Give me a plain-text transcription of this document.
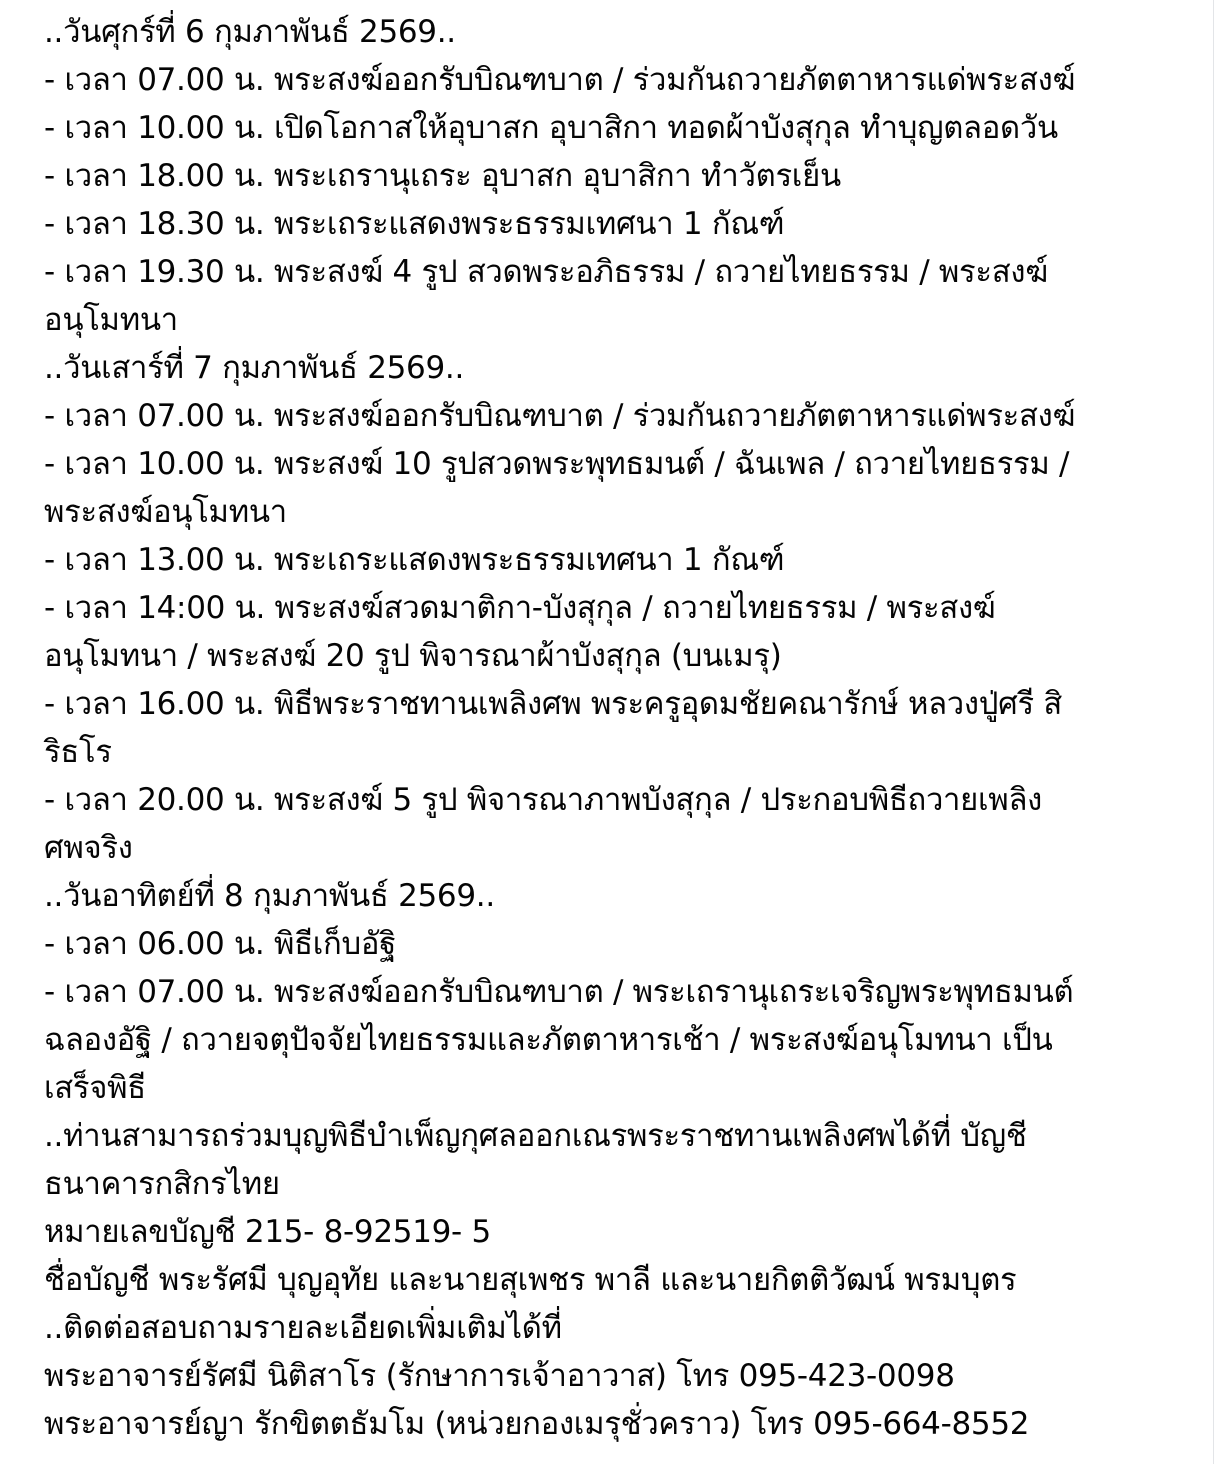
..วันศุกร์ที่ 6 กุมภาพันธ์ 2569..
- เวลา 07.00 น. พระสงฆ์ออกรับบิณฑบาต / ร่วมกันถวายภัตตาหารแด่พระสงฆ์
- เวลา 10.00 น. เปิดโอกาสให้อุบาสก อุบาสิกา ทอดผ้าบังสุกุล ทำบุญตลอดวัน
- เวลา 18.00 น. พระเถรานุเถระ อุบาสก อุบาสิกา ทำวัตรเย็น
- เวลา 18.30 น. พระเถระแสดงพระธรรมเทศนา 1 กัณฑ์
- เวลา 19.30 น. พระสงฆ์ 4 รูป สวดพระอภิธรรม / ถวายไทยธรรม / พระสงฆ์
อนุโมทนา
..วันเสาร์ที่ 7 กุมภาพันธ์ 2569..
- เวลา 07.00 น. พระสงฆ์ออกรับบิณฑบาต / ร่วมกันถวายภัตตาหารแด่พระสงฆ์
- เวลา 10.00 น. พระสงฆ์ 10 รูปสวดพระพุทธมนต์ / ฉันเพล / ถวายไทยธรรม /
พระสงฆ์อนุโมทนา
- เวลา 13.00 น. พระเถระแสดงพระธรรมเทศนา 1 กัณฑ์
- เวลา 14:00 น. พระสงฆ์สวดมาติกา-บังสุกุล / ถวายไทยธรรม / พระสงฆ์
อนุโมทนา / พระสงฆ์ 20 รูป พิจารณาผ้าบังสุกุล (บนเมรุ)
- เวลา 16.00 น. พิธีพระราชทานเพลิงศพ พระครูอุดมชัยคณารักษ์ หลวงปู่ศรี สิ
ริธโร
- เวลา 20.00 น. พระสงฆ์ 5 รูป พิจารณาภาพบังสุกุล / ประกอบพิธีถวายเพลิง
ศพจริง
..วันอาทิตย์ที่ 8 กุมภาพันธ์ 2569..
- เวลา 06.00 น. พิธีเก็บอัฐิ
- เวลา 07.00 น. พระสงฆ์ออกรับบิณฑบาต / พระเถรานุเถระเจริญพระพุทธมนต์
ฉลองอัฐิ / ถวายจตุปัจจัยไทยธรรมและภัตตาหารเช้า / พระสงฆ์อนุโมทนา เป็น
เสร็จพิธี
..ท่านสามารถร่วมบุญพิธีบำเพ็ญกุศลออกเณรพระราชทานเพลิงศพได้ที่ บัญชี
ธนาคารกสิกรไทย
หมายเลขบัญชี 215- 8-92519- 5
ชื่อบัญชี พระรัศมี บุญอุทัย และนายสุเพชร พาลี และนายกิตติวัฒน์ พรมบุตร
..ติดต่อสอบถามรายละเอียดเพิ่มเติมได้ที่
พระอาจารย์รัศมี นิติสาโร (รักษาการเจ้าอาวาส) โทร 095-423-0098
พระอาจารย์ญา รักขิตตธัมโม (หน่วยกองเมรุชั่วคราว) โทร 095-664-8552
